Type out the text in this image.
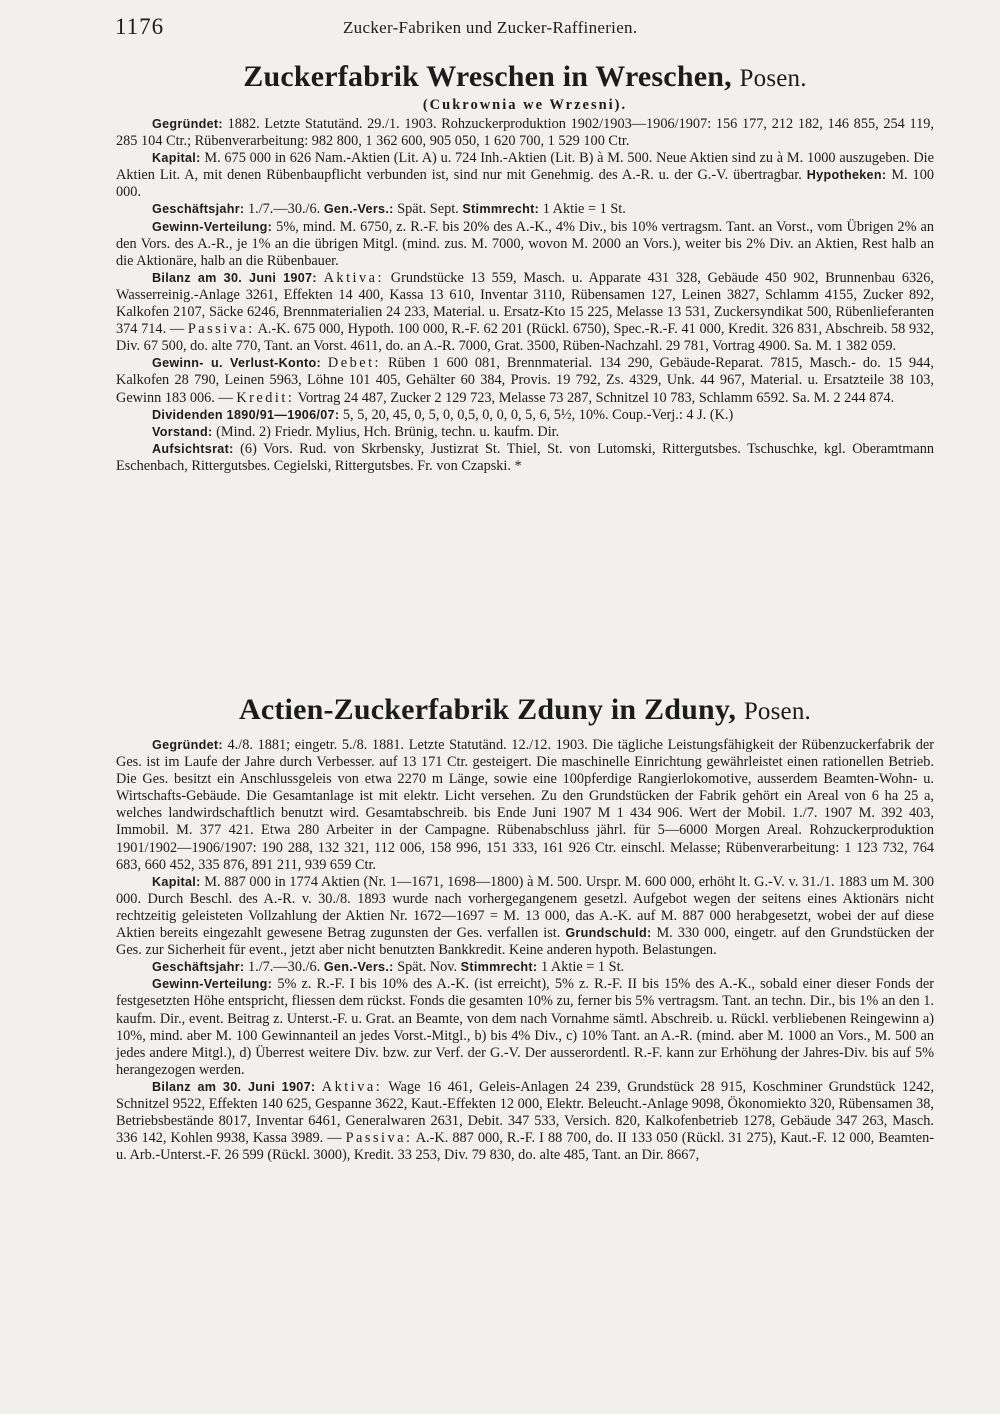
1176	Zucker-Fabriken und Zucker-Raffinerien.
Zuckerfabrik Wreschen in Wreschen, Posen.
(Cukrownia we Wrzesni).

Gegründet: 1882. Letzte Statutänd. 29./1. 1903. Rohzuckerproduktion 1902/1903—1906/1907: 156 177, 212 182, 146 855, 254 119, 285 104 Ctr.; Rübenverarbeitung: 982 800, 1 362 600, 905 050, 1 620 700, 1 529 100 Ctr.

Kapital: M. 675 000 in 626 Nam.-Aktien (Lit. A) u. 724 Inh.-Aktien (Lit. B) à M. 500. Neue Aktien sind zu à M. 1000 auszugeben. Die Aktien Lit. A, mit denen Rübenbaupflicht verbunden ist, sind nur mit Genehmig. des A.-R. u. der G.-V. übertragbar. Hypotheken: M. 100 000.

Geschäftsjahr: 1./7.—30./6. Gen.-Vers.: Spät. Sept. Stimmrecht: 1 Aktie = 1 St.

Gewinn-Verteilung: 5%, mind. M. 6750, z. R.-F. bis 20% des A.-K., 4% Div., bis 10% vertragsm. Tant. an Vorst., vom Übrigen 2% an den Vors. des A.-R., je 1% an die übrigen Mitgl. (mind. zus. M. 7000, wovon M. 2000 an Vors.), weiter bis 2% Div. an Aktien, Rest halb an die Aktionäre, halb an die Rübenbauer.

Bilanz am 30. Juni 1907: Aktiva: Grundstücke 13 559, Masch. u. Apparate 431 328, Gebäude 450 902, Brunnenbau 6326, Wasserreinig.-Anlage 3261, Effekten 14 400, Kassa 13 610, Inventar 3110, Rübensamen 127, Leinen 3827, Schlamm 4155, Zucker 892, Kalkofen 2107, Säcke 6246, Brennmaterialien 24 233, Material. u. Ersatz-Kto 15 225, Melasse 13 531, Zuckersyndikat 500, Rübenlieferanten 374 714. — Passiva: A.-K. 675 000, Hypoth. 100 000, R.-F. 62 201 (Rückl. 6750), Spec.-R.-F. 41 000, Kredit. 326 831, Abschreib. 58 932, Div. 67 500, do. alte 770, Tant. an Vorst. 4611, do. an A.-R. 7000, Grat. 3500, Rüben-Nachzahl. 29 781, Vortrag 4900. Sa. M. 1 382 059.

Gewinn- u. Verlust-Konto: Debet: Rüben 1 600 081, Brennmaterial. 134 290, Gebäude-Reparat. 7815, Masch.- do. 15 944, Kalkofen 28 790, Leinen 5963, Löhne 101 405, Gehälter 60 384, Provis. 19 792, Zs. 4329, Unk. 44 967, Material. u. Ersatzteile 38 103, Gewinn 183 006. — Kredit: Vortrag 24 487, Zucker 2 129 723, Melasse 73 287, Schnitzel 10 783, Schlamm 6592. Sa. M. 2 244 874.

Dividenden 1890/91—1906/07: 5, 5, 20, 45, 0, 5, 0, 0,5, 0, 0, 0, 5, 6, 5½, 10%. Coup.-Verj.: 4 J. (K.)

Vorstand: (Mind. 2) Friedr. Mylius, Hch. Brünig, techn. u. kaufm. Dir.

Aufsichtsrat: (6) Vors. Rud. von Skrbensky, Justizrat St. Thiel, St. von Lutomski, Rittergutsbes. Tschuschke, kgl. Oberamtmann Eschenbach, Rittergutsbes. Cegielski, Rittergutsbes. Fr. von Czapski. *

Actien-Zuckerfabrik Zduny in Zduny, Posen.

Gegründet: 4./8. 1881; eingetr. 5./8. 1881. Letzte Statutänd. 12./12. 1903. Die tägliche Leistungsfähigkeit der Rübenzuckerfabrik der Ges. ist im Laufe der Jahre durch Verbesser. auf 13 171 Ctr. gesteigert. Die maschinelle Einrichtung gewährleistet einen rationellen Betrieb. Die Ges. besitzt ein Anschlussgeleis von etwa 2270 m Länge, sowie eine 100pferdige Rangierlokomotive, ausserdem Beamten-Wohn- u. Wirtschafts-Gebäude. Die Gesamtanlage ist mit elektr. Licht versehen. Zu den Grundstücken der Fabrik gehört ein Areal von 6 ha 25 a, welches landwirdschaftlich benutzt wird. Gesamtabschreib. bis Ende Juni 1907 M 1 434 906. Wert der Mobil. 1./7. 1907 M. 392 403, Immobil. M. 377 421. Etwa 280 Arbeiter in der Campagne. Rübenabschluss jährl. für 5—6000 Morgen Areal. Rohzuckerproduktion 1901/1902—1906/1907: 190 288, 132 321, 112 006, 158 996, 151 333, 161 926 Ctr. einschl. Melasse; Rübenverarbeitung: 1 123 732, 764 683, 660 452, 335 876, 891 211, 939 659 Ctr.

Kapital: M. 887 000 in 1774 Aktien (Nr. 1—1671, 1698—1800) à M. 500. Urspr. M. 600 000, erhöht lt. G.-V. v. 31./1. 1883 um M. 300 000. Durch Beschl. des A.-R. v. 30./8. 1893 wurde nach vorhergegangenem gesetzl. Aufgebot wegen der seitens eines Aktionärs nicht rechtzeitig geleisteten Vollzahlung der Aktien Nr. 1672—1697 = M. 13 000, das A.-K. auf M. 887 000 herabgesetzt, wobei der auf diese Aktien bereits eingezahlt gewesene Betrag zugunsten der Ges. verfallen ist. Grundschuld: M. 330 000, eingetr. auf den Grundstücken der Ges. zur Sicherheit für event., jetzt aber nicht benutzten Bankkredit. Keine anderen hypoth. Belastungen.

Geschäftsjahr: 1./7.—30./6. Gen.-Vers.: Spät. Nov. Stimmrecht: 1 Aktie = 1 St.

Gewinn-Verteilung: 5% z. R.-F. I bis 10% des A.-K. (ist erreicht), 5% z. R.-F. II bis 15% des A.-K., sobald einer dieser Fonds der festgesetzten Höhe entspricht, fliessen dem rückst. Fonds die gesamten 10% zu, ferner bis 5% vertragsm. Tant. an techn. Dir., bis 1% an den 1. kaufm. Dir., event. Beitrag z. Unterst.-F. u. Grat. an Beamte, von dem nach Vornahme sämtl. Abschreib. u. Rückl. verbliebenen Reingewinn a) 10%, mind. aber M. 100 Gewinnanteil an jedes Vorst.-Mitgl., b) bis 4% Div., c) 10% Tant. an A.-R. (mind. aber M. 1000 an Vors., M. 500 an jedes andere Mitgl.), d) Überrest weitere Div. bzw. zur Verf. der G.-V. Der ausserordentl. R.-F. kann zur Erhöhung der Jahres-Div. bis auf 5% herangezogen werden.

Bilanz am 30. Juni 1907: Aktiva: Wage 16 461, Geleis-Anlagen 24 239, Grundstück 28 915, Koschminer Grundstück 1242, Schnitzel 9522, Effekten 140 625, Gespanne 3622, Kaut.-Effekten 12 000, Elektr. Beleucht.-Anlage 9098, Ökonomiekto 320, Rübensamen 38, Betriebsbestände 8017, Inventar 6461, Generalwaren 2631, Debit. 347 533, Versich. 820, Kalkofenbetrieb 1278, Gebäude 347 263, Masch. 336 142, Kohlen 9938, Kassa 3989. — Passiva: A.-K. 887 000, R.-F. I 88 700, do. II 133 050 (Rückl. 31 275), Kaut.-F. 12 000, Beamten- u. Arb.-Unterst.-F. 26 599 (Rückl. 3000), Kredit. 33 253, Div. 79 830, do. alte 485, Tant. an Dir. 8667,
